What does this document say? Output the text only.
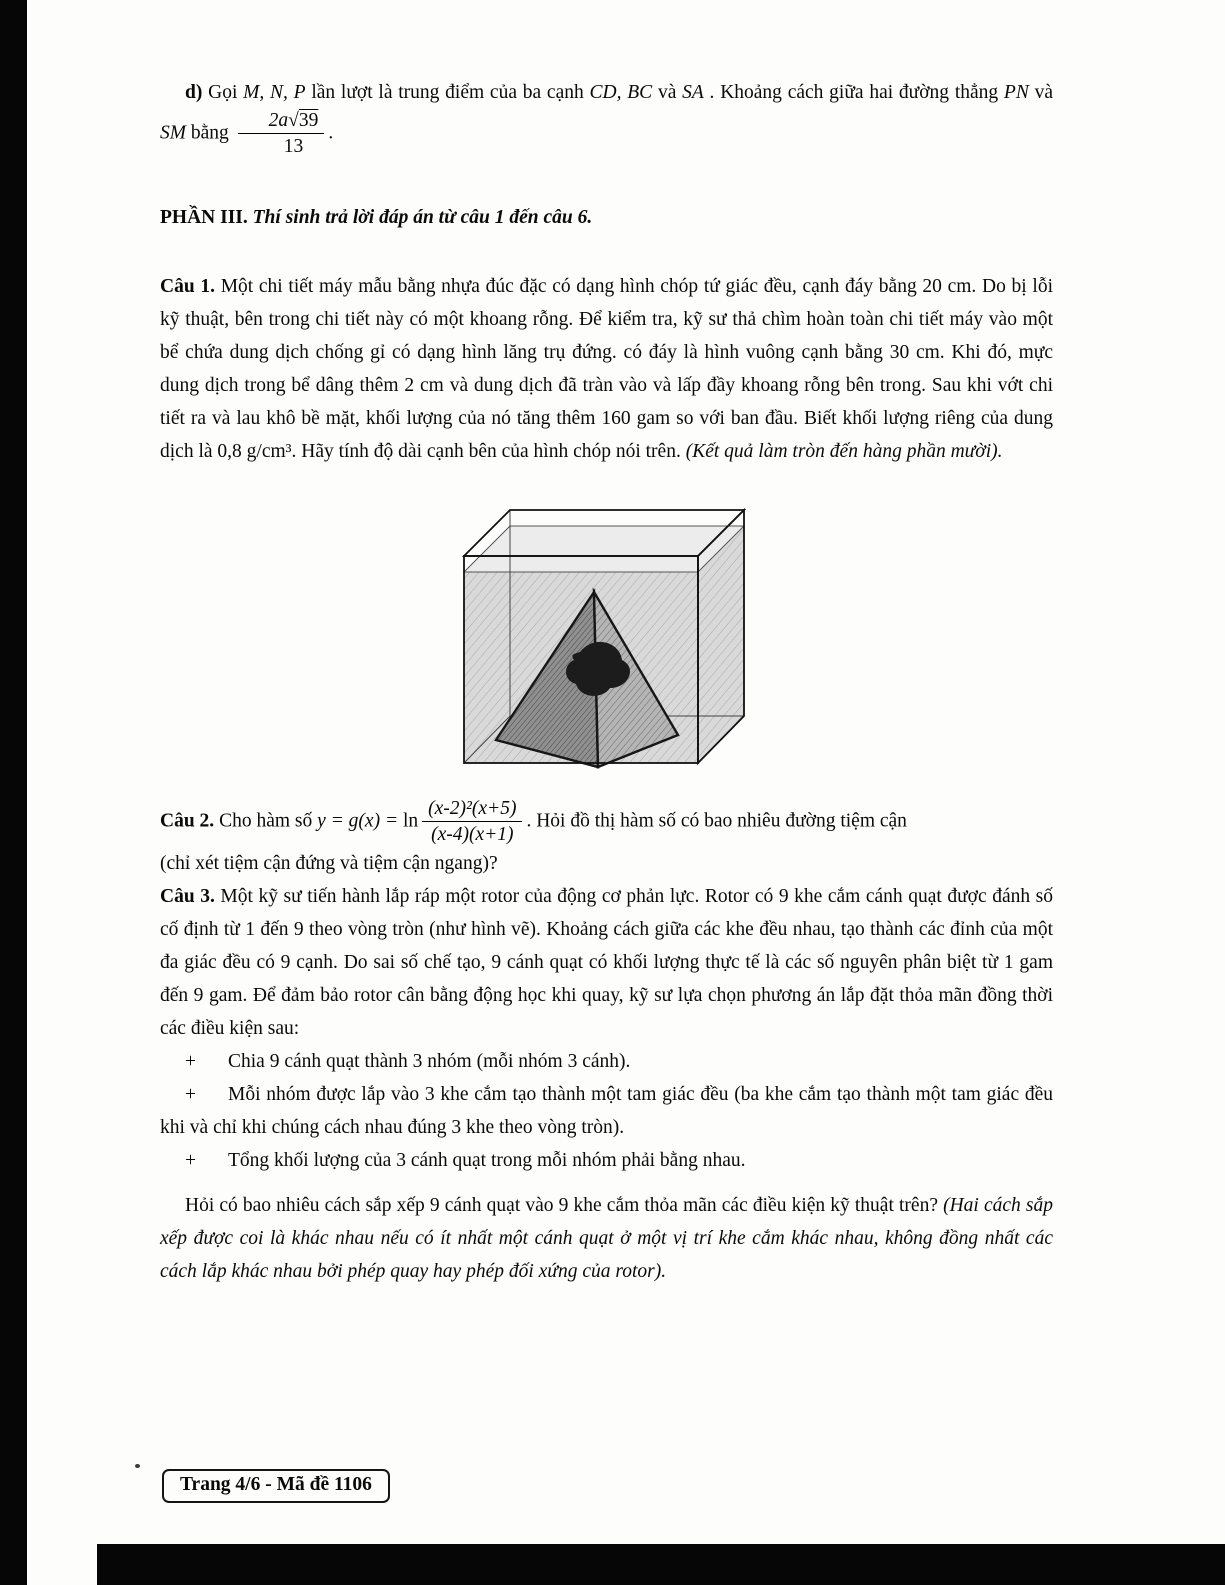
d) Gọi M, N, P lần lượt là trung điểm của ba cạnh CD, BC và SA . Khoảng cách giữa hai đường thẳng PN và SM bằng $\frac{2a√39}{13}$ .

PHẦN III. Thí sinh trả lời đáp án từ câu 1 đến câu 6.

Câu 1. Một chi tiết máy mẫu bằng nhựa đúc đặc có dạng hình chóp tứ giác đều, cạnh đáy bằng 20 cm. Do bị lỗi kỹ thuật, bên trong chi tiết này có một khoang rỗng. Để kiểm tra, kỹ sư thả chìm hoàn toàn chi tiết máy vào một bể chứa dung dịch chống gỉ có dạng hình lăng trụ đứng. có đáy là hình vuông cạnh bằng 30 cm. Khi đó, mực dung dịch trong bể dâng thêm 2 cm và dung dịch đã tràn vào và lấp đầy khoang rỗng bên trong. Sau khi vớt chi tiết ra và lau khô bề mặt, khối lượng của nó tăng thêm 160 gam so với ban đầu. Biết khối lượng riêng của dung dịch là 0,8 g/cm³. Hãy tính độ dài cạnh bên của hình chóp nói trên. (Kết quả làm tròn đến hàng phần mười).

Câu 2. Cho hàm số $y = g(x) = \ln \frac{\text{(x-2)²(x+5)}}{(x-4)(x+1)}$ . Hỏi đồ thị hàm số có bao nhiêu đường tiệm cận

(chỉ xét tiệm cận đứng và tiệm cận ngang)?

Câu 3. Một kỹ sư tiến hành lắp ráp một rotor của động cơ phản lực. Rotor có 9 khe cắm cánh quạt được đánh số cố định từ 1 đến 9 theo vòng tròn (như hình vẽ). Khoảng cách giữa các khe đều nhau, tạo thành các đỉnh của một đa giác đều có 9 cạnh. Do sai số chế tạo, 9 cánh quạt có khối lượng thực tế là các số nguyên phân biệt từ 1 gam đến 9 gam. Để đảm bảo rotor cân bằng động học khi quay, kỹ sư lựa chọn phương án lắp đặt thỏa mãn đồng thời các điều kiện sau:

+ Chia 9 cánh quạt thành 3 nhóm (mỗi nhóm 3 cánh).

+ Mỗi nhóm được lắp vào 3 khe cắm tạo thành một tam giác đều (ba khe cắm tạo thành một tam giác đều khi và chỉ khi chúng cách nhau đúng 3 khe theo vòng tròn).

+ Tổng khối lượng của 3 cánh quạt trong mỗi nhóm phải bằng nhau.

Hỏi có bao nhiêu cách sắp xếp 9 cánh quạt vào 9 khe cắm thỏa mãn các điều kiện kỹ thuật trên? (Hai cách sắp xếp được coi là khác nhau nếu có ít nhất một cánh quạt ở một vị trí khe cắm khác nhau, không đồng nhất các cách lắp khác nhau bởi phép quay hay phép đối xứng của rotor).

Trang 4/6 - Mã đề 1106
